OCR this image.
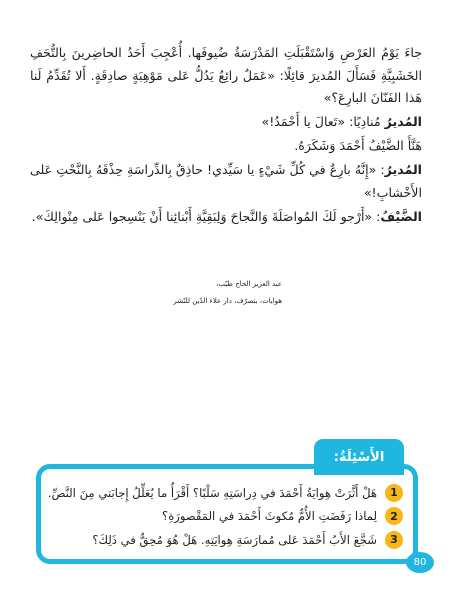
جاءَ يَوْمُ العَرْضِ وَاسْتَقْبَلَتِ المَدْرَسَةُ ضُيوفَها. أُعْجِبَ أَحَدُ الحاضِرينَ بِالتُّحَفِ الخَشَبِيَّةِ فَسَأَلَ المُديرَ قائِلًا: «عَمَلٌ رائِعٌ يَدُلُّ عَلى مَوْهِبَةٍ صادِقَةٍ. أَلا تُقَدِّمُ لَنا هَذا الفَنّانَ البارِعَ؟»

المُديرُ مُنادِيًا: «تَعالَ يا أَحْمَدُ!»

هَنَّأَ الضَّيْفُ أَحْمَدَ وَشَكَرَهُ.

المُديرُ: «إِنَّهُ بارِعٌ في كُلِّ شَيْءٍ يا سَيِّدي! حاذِقٌ بِالدِّراسَةِ حِذْقَهُ بِالنَّحْتِ عَلى الأَخْشابِ!»

الضَّيْفُ: «أَرْجو لَكَ المُواصَلَةَ وَالنَّجاحَ وَلِبَقِيَّةِ أَبْنائِنا أَنْ يَنْسِجوا عَلى مِنْوالِكَ».

عبد العزيز الحاج طيّب،
هوايات، بتصرّف، دار علاء الدّين للنّشر
1
هَلْ أَثَّرَتْ هِوايَةُ أَحْمَدَ في دِراسَتِهِ سَلْبًا؟ أَقْرَأُ ما يُعَلِّلُ إِجابَتي مِنَ النَّصِّ.
2
لِماذا رَفَضَتِ الأُمُّ مُكوثَ أَحْمَدَ في المَقْصورَةِ؟
3
شَجَّعَ الأَبُ أَحْمَدَ عَلى مُمارَسَةِ هِوايَتِهِ. هَلْ هُوَ مُحِقٌّ في ذَلِكَ؟
الأَسْئِلَةُ:
80
